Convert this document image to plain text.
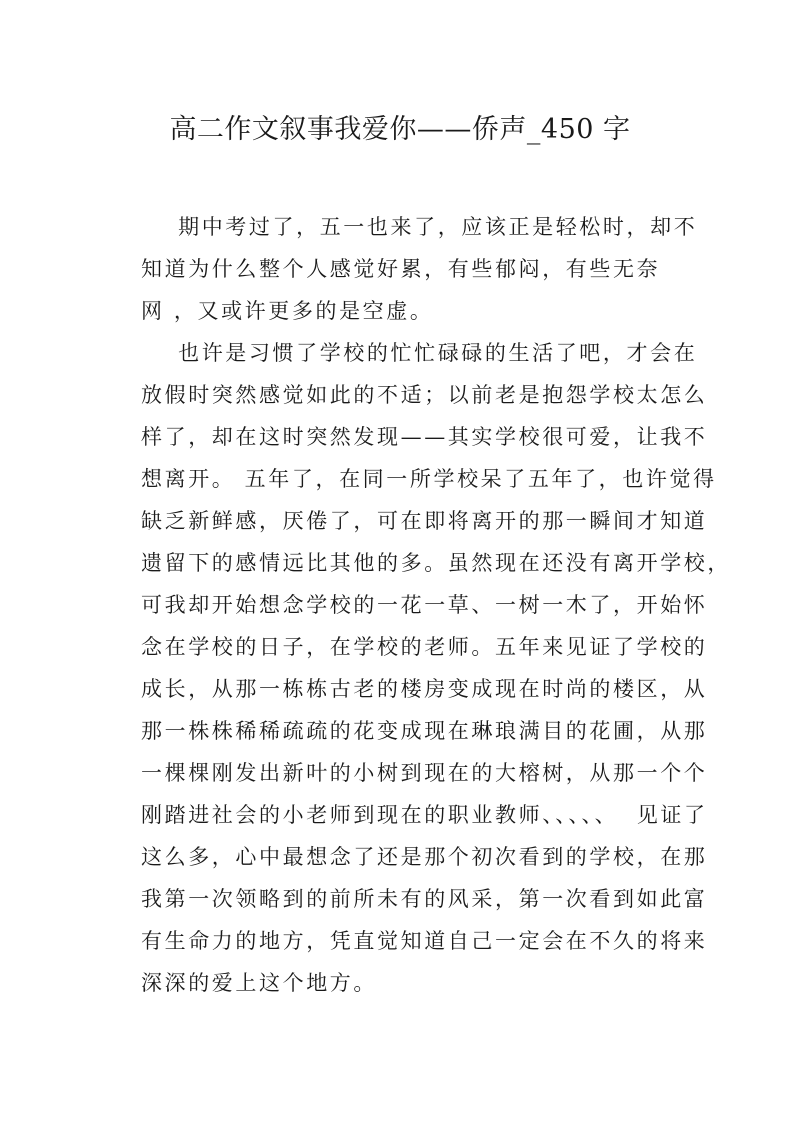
高二作文叙事我爱你——侨声_450 字
期中考过了，五一也来了，应该正是轻松时，却不
知道为什么整个人感觉好累，有些郁闷，有些无奈
网 ，又或许更多的是空虚。
也许是习惯了学校的忙忙碌碌的生活了吧，才会在
放假时突然感觉如此的不适；以前老是抱怨学校太怎么
样了，却在这时突然发现——其实学校很可爱，让我不
想离开。 五年了，在同一所学校呆了五年了，也许觉得
缺乏新鲜感，厌倦了，可在即将离开的那一瞬间才知道
遗留下的感情远比其他的多。虽然现在还没有离开学校，
可我却开始想念学校的一花一草、一树一木了，开始怀
念在学校的日子，在学校的老师。五年来见证了学校的
成长，从那一栋栋古老的楼房变成现在时尚的楼区，从
那一株株稀稀疏疏的花变成现在琳琅满目的花圃，从那
一棵棵刚发出新叶的小树到现在的大榕树，从那一个个
刚踏进社会的小老师到现在的职业教师、、、、、  见证了
这么多，心中最想念了还是那个初次看到的学校，在那
我第一次领略到的前所未有的风采，第一次看到如此富
有生命力的地方，凭直觉知道自己一定会在不久的将来
深深的爱上这个地方。
